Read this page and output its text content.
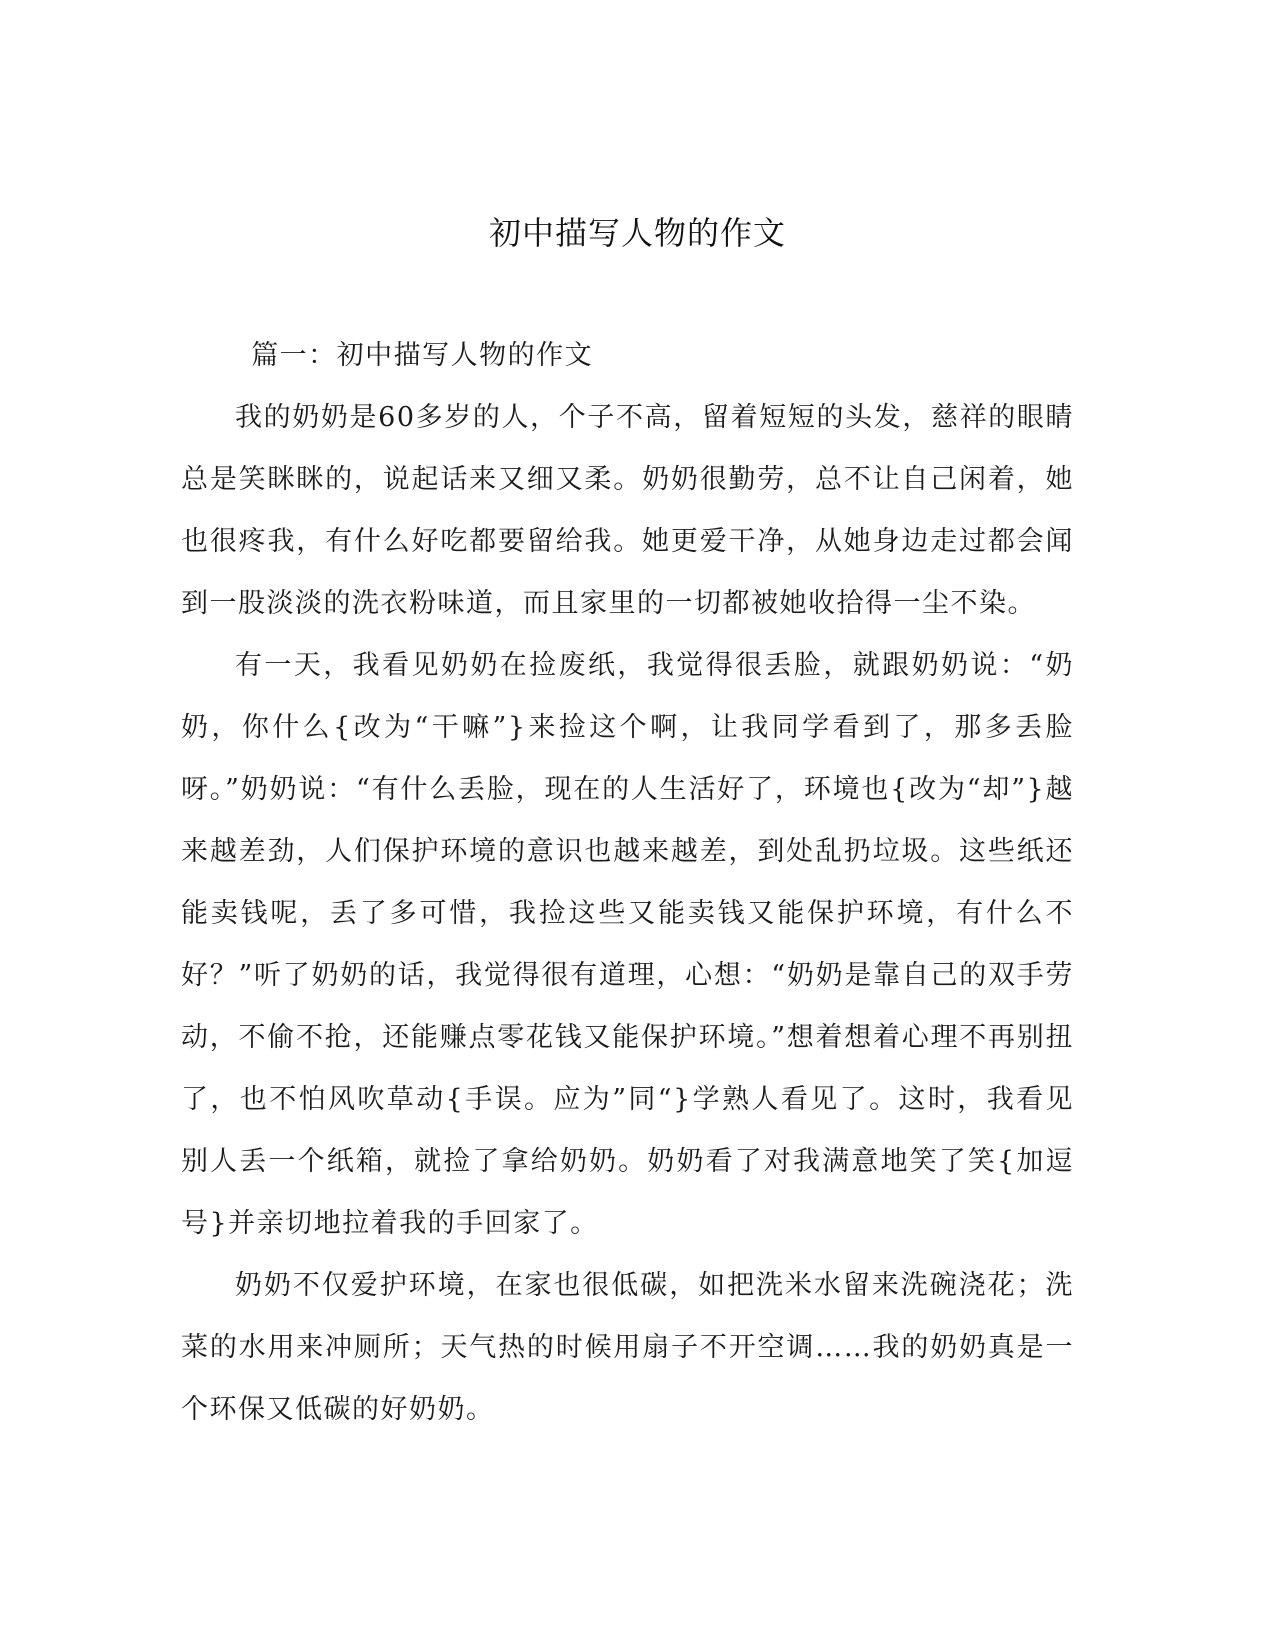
初中描写人物的作文

篇一：初中描写人物的作文

我的奶奶是60多岁的人，个子不高，留着短短的头发，慈祥的眼睛总是笑眯眯的，说起话来又细又柔。奶奶很勤劳，总不让自己闲着，她也很疼我，有什么好吃都要留给我。她更爱干净，从她身边走过都会闻到一股淡淡的洗衣粉味道，而且家里的一切都被她收拾得一尘不染。

有一天，我看见奶奶在捡废纸，我觉得很丢脸，就跟奶奶说：“奶奶，你什么{改为“干嘛”}来捡这个啊，让我同学看到了，那多丢脸呀。”奶奶说：“有什么丢脸，现在的人生活好了，环境也{改为“却”}越来越差劲，人们保护环境的意识也越来越差，到处乱扔垃圾。这些纸还能卖钱呢，丢了多可惜，我捡这些又能卖钱又能保护环境，有什么不好？”听了奶奶的话，我觉得很有道理，心想：“奶奶是靠自己的双手劳动，不偷不抢，还能赚点零花钱又能保护环境。”想着想着心理不再别扭了，也不怕风吹草动{手误。应为”同“}学熟人看见了。这时，我看见别人丢一个纸箱，就捡了拿给奶奶。奶奶看了对我满意地笑了笑{加逗号}并亲切地拉着我的手回家了。

奶奶不仅爱护环境，在家也很低碳，如把洗米水留来洗碗浇花；洗菜的水用来冲厕所；天气热的时候用扇子不开空调……我的奶奶真是一个环保又低碳的好奶奶。
